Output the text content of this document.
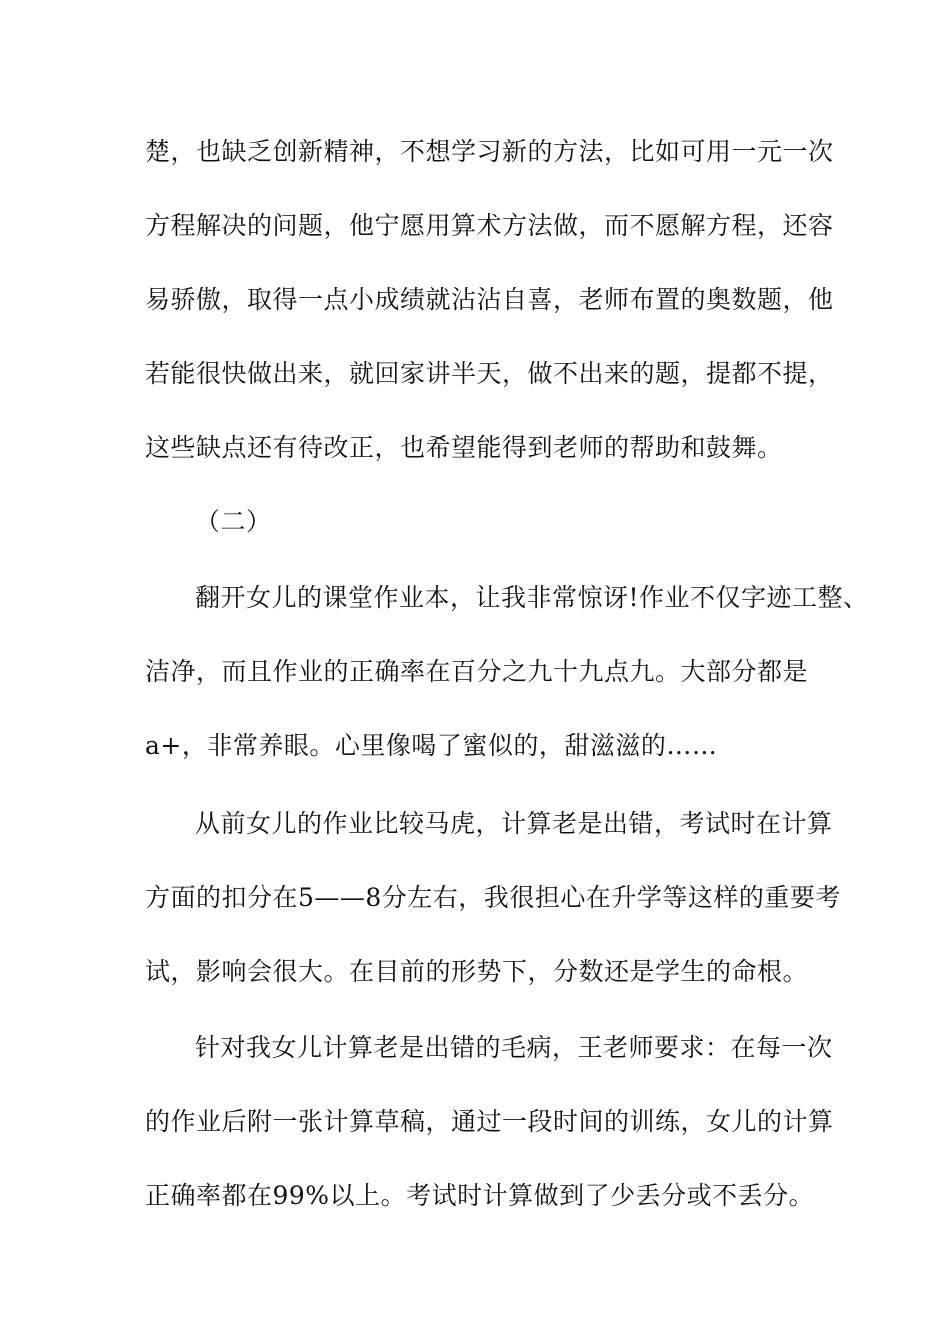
楚，也缺乏创新精神，不想学习新的方法，比如可用一元一次
方程解决的问题，他宁愿用算术方法做，而不愿解方程，还容
易骄傲，取得一点小成绩就沾沾自喜，老师布置的奥数题，他
若能很快做出来，就回家讲半天，做不出来的题，提都不提，
这些缺点还有待改正，也希望能得到老师的帮助和鼓舞。
（二）
翻开女儿的课堂作业本，让我非常惊讶!作业不仅字迹工整、
洁净，而且作业的正确率在百分之九十九点九。大部分都是
a+，非常养眼。心里像喝了蜜似的，甜滋滋的……
从前女儿的作业比较马虎，计算老是出错，考试时在计算
方面的扣分在5——8分左右，我很担心在升学等这样的重要考
试，影响会很大。在目前的形势下，分数还是学生的命根。
针对我女儿计算老是出错的毛病，王老师要求：在每一次
的作业后附一张计算草稿，通过一段时间的训练，女儿的计算
正确率都在99%以上。考试时计算做到了少丢分或不丢分。
